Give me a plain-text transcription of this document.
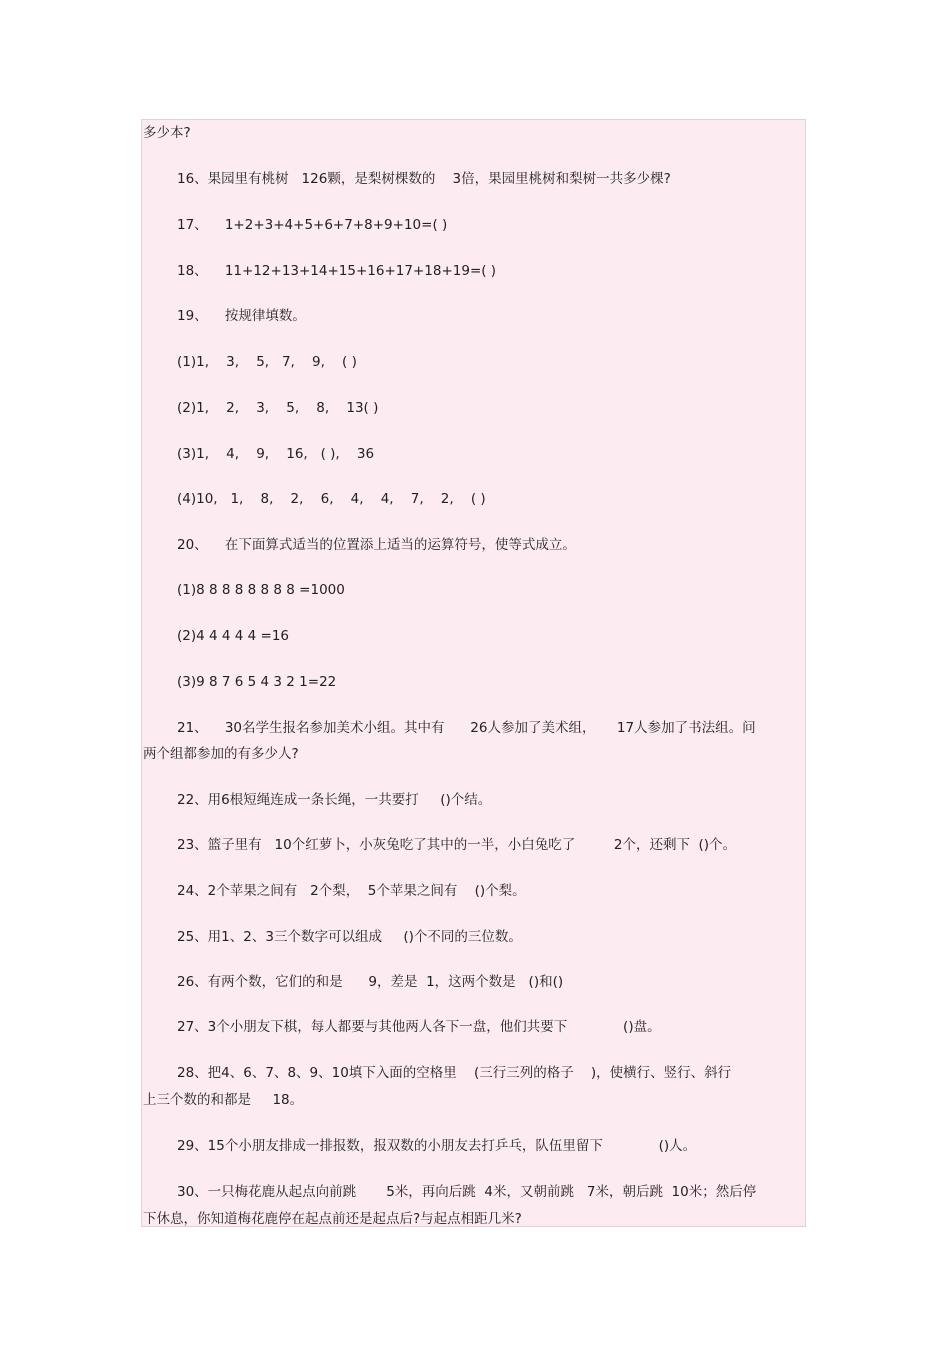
多少本?
16、果园里有桃树   126颗，是梨树棵数的    3倍，果园里桃树和梨树一共多少棵?
17、    1+2+3+4+5+6+7+8+9+10=( )
18、    11+12+13+14+15+16+17+18+19=( )
19、    按规律填数。
(1)1,    3,    5,   7,    9,    ( )
(2)1,    2,    3,    5,    8,    13( )
(3)1,    4,    9,    16,   ( ),    36
(4)10,   1,    8,    2,    6,    4,    4,    7,    2,    ( )
20、    在下面算式适当的位置添上适当的运算符号，使等式成立。
(1)8 8 8 8 8 8 8 8 =1000
(2)4 4 4 4 4 =16
(3)9 8 7 6 5 4 3 2 1=22
21、    30名学生报名参加美术小组。其中有      26人参加了美术组，     17人参加了书法组。问
两个组都参加的有多少人?
22、用6根短绳连成一条长绳，一共要打     ()个结。
23、篮子里有   10个红萝卜，小灰兔吃了其中的一半，小白兔吃了         2个，还剩下  ()个。
24、2个苹果之间有   2个梨，  5个苹果之间有    ()个梨。
25、用1、2、3三个数字可以组成     ()个不同的三位数。
26、有两个数，它们的和是      9，差是  1，这两个数是   ()和()
27、3个小朋友下棋，每人都要与其他两人各下一盘，他们共要下             ()盘。
28、把4、6、7、8、9、10填下入面的空格里    (三行三列的格子    )，使横行、竖行、斜行
上三个数的和都是     18。
29、15个小朋友排成一排报数，报双数的小朋友去打乒乓，队伍里留下             ()人。
30、一只梅花鹿从起点向前跳       5米，再向后跳  4米，又朝前跳   7米，朝后跳  10米；然后停
下休息，你知道梅花鹿停在起点前还是起点后?与起点相距几米?
